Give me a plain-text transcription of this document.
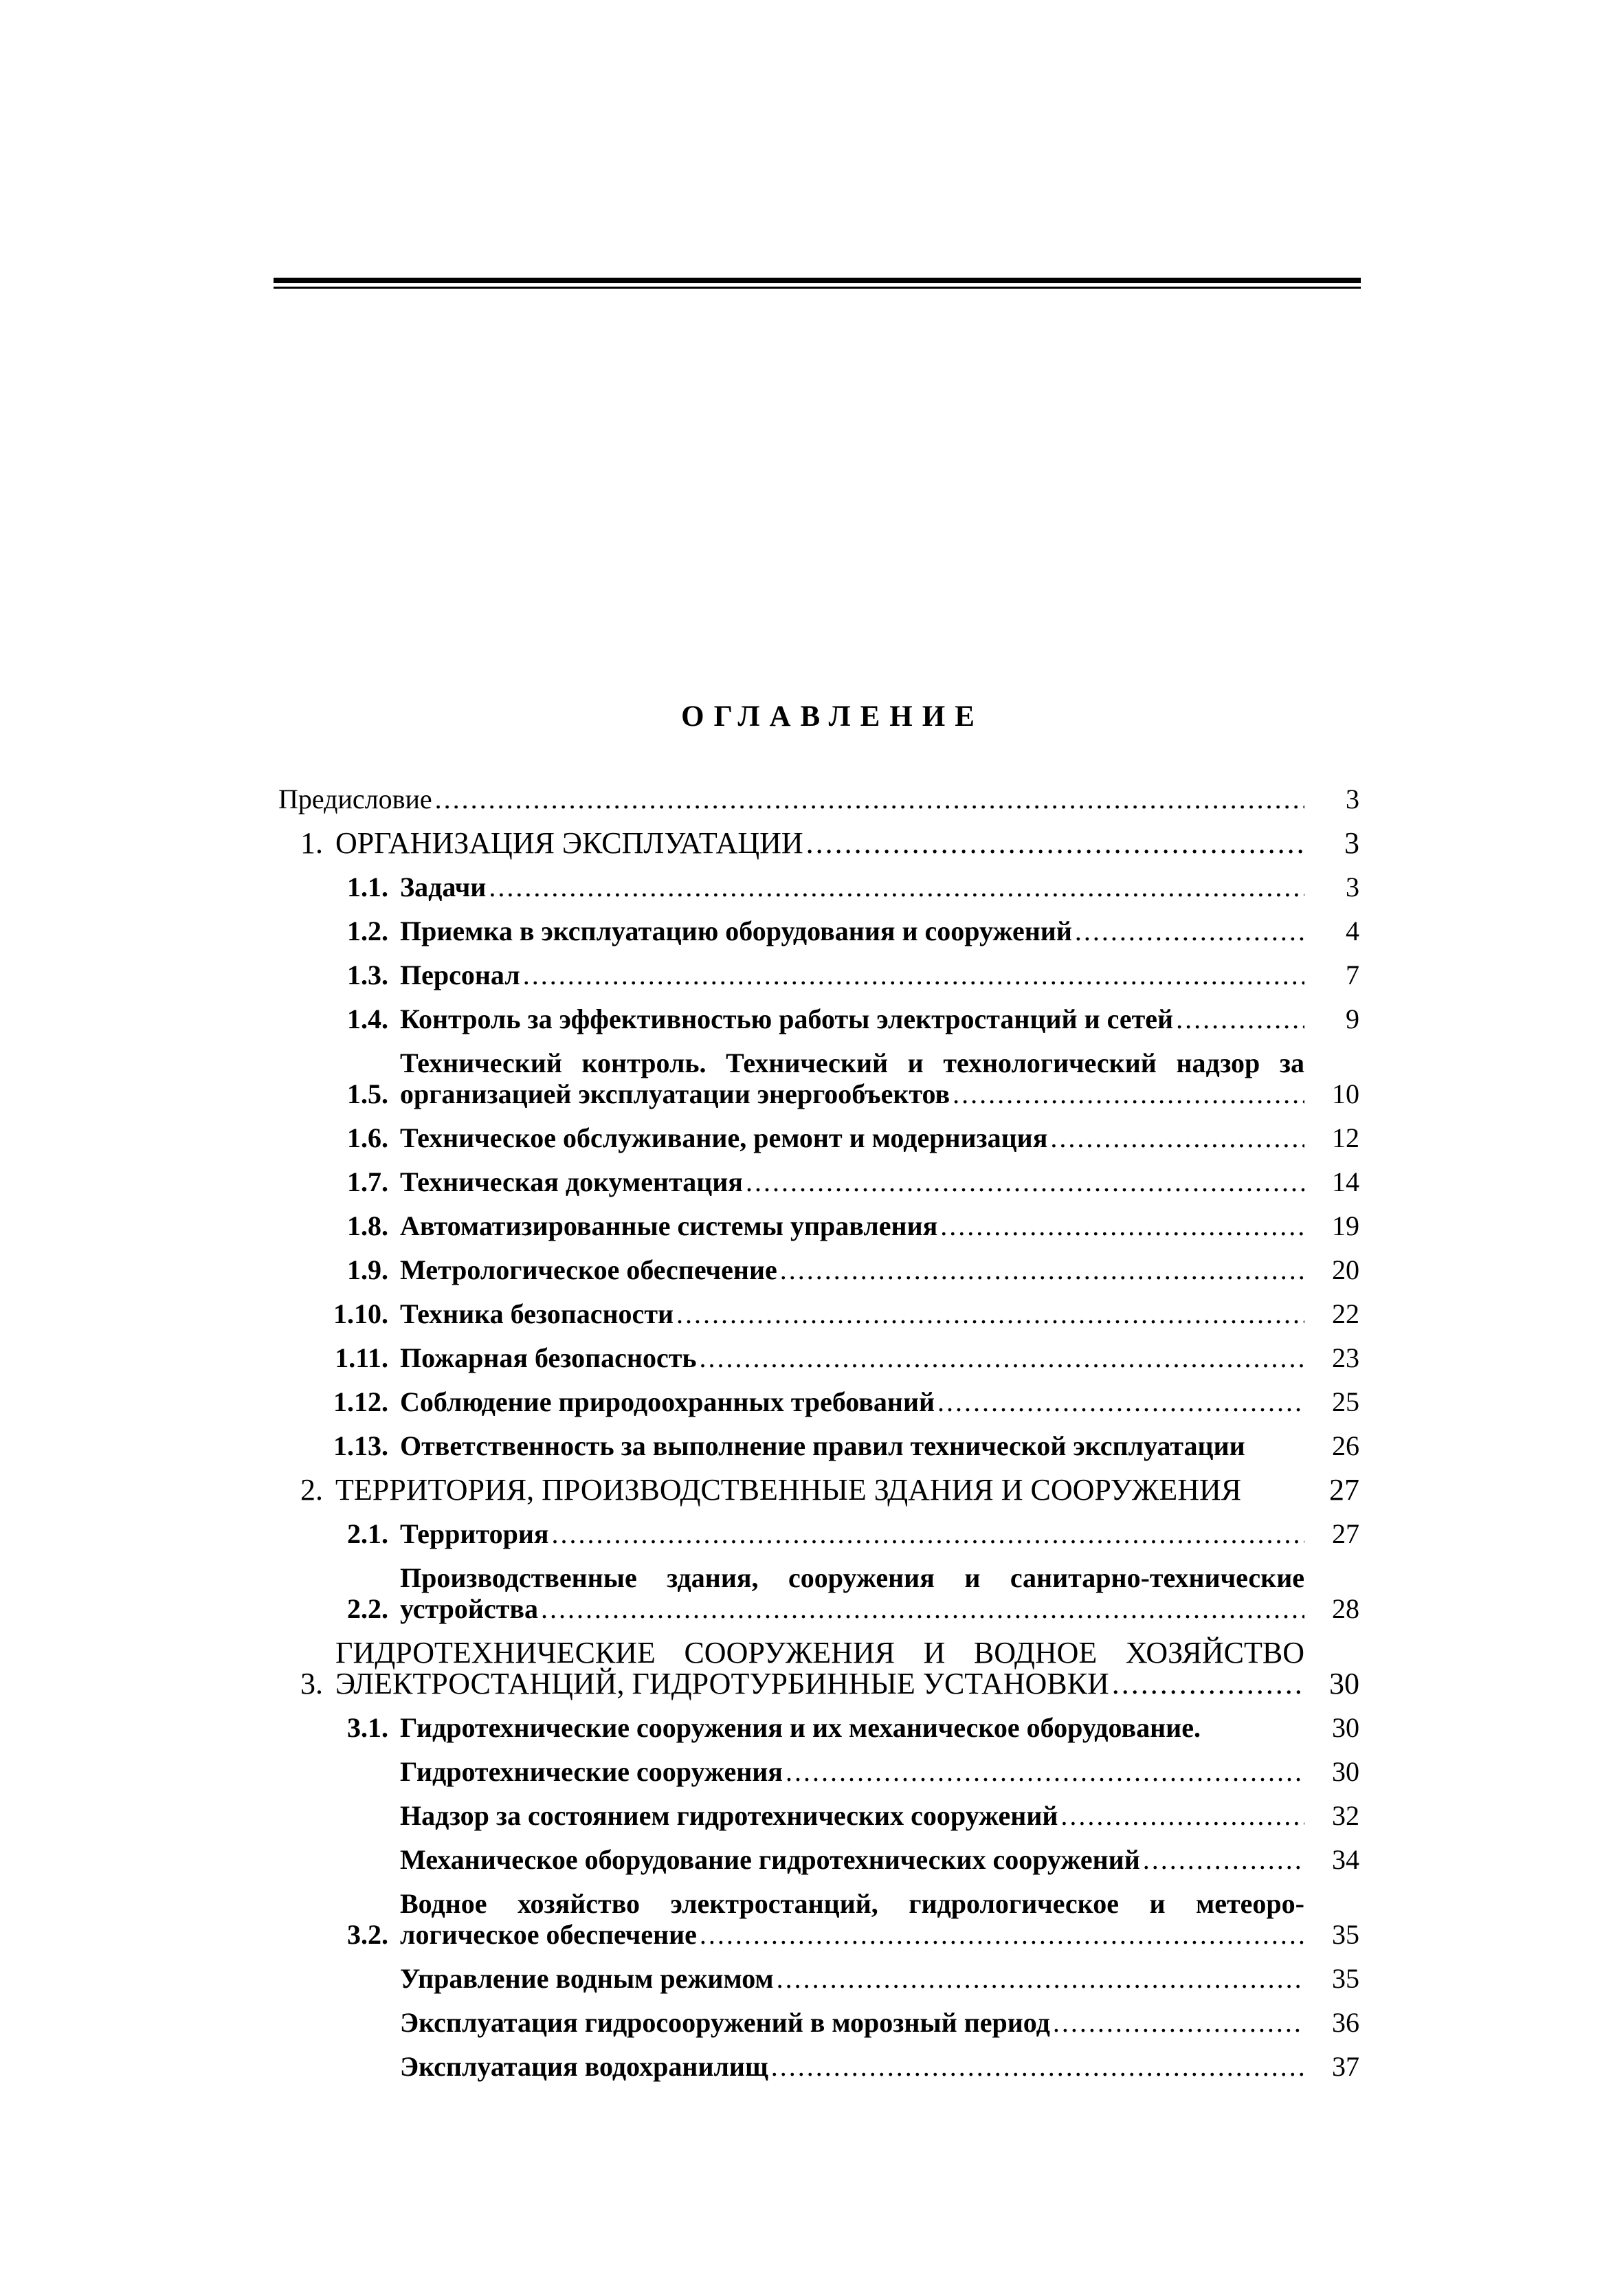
ОГЛАВЛЕНИЕ
Предисловие .....	3
1. ОРГАНИЗАЦИЯ ЭКСПЛУАТАЦИИ .....	3
1.1. Задачи .....	3
1.2. Приемка в эксплуатацию оборудования и сооружений .....	4
1.3. Персонал .....	7
1.4. Контроль за эффективностью работы электростанций и сетей .....	9
1.5.
Технический контроль. Технический и технологический надзор за
организацией эксплуатации энергообъектов .....	10
1.6. Техническое обслуживание, ремонт и модернизация .....	12
1.7. Техническая документация .....	14
1.8. Автоматизированные системы управления .....	19
1.9. Метрологическое обеспечение .....	20
1.10. Техника безопасности .....	22
1.11. Пожарная безопасность .....	23
1.12. Соблюдение природоохранных требований .....	25
1.13. Ответственность за выполнение правил технической эксплуатации	26
2. ТЕРРИТОРИЯ, ПРОИЗВОДСТВЕННЫЕ ЗДАНИЯ И СООРУЖЕНИЯ	27
2.1. Территория .....	27
2.2.
Производственные здания, сооружения и санитарно-технические
устройства .....	28
3.
ГИДРОТЕХНИЧЕСКИЕ СООРУЖЕНИЯ И ВОДНОЕ ХОЗЯЙСТВО
ЭЛЕКТРОСТАНЦИЙ, ГИДРОТУРБИННЫЕ УСТАНОВКИ .....	30
3.1. Гидротехнические сооружения и их механическое оборудование.	30
Гидротехнические сооружения .....	30
Надзор за состоянием гидротехнических сооружений .....	32
Механическое оборудование гидротехнических сооружений .....	34
3.2.
Водное хозяйство электростанций, гидрологическое и метеоро-
логическое обеспечение .....	35
Управление водным режимом .....	35
Эксплуатация гидросооружений в морозный период .....	36
Эксплуатация водохранилищ .....	37
